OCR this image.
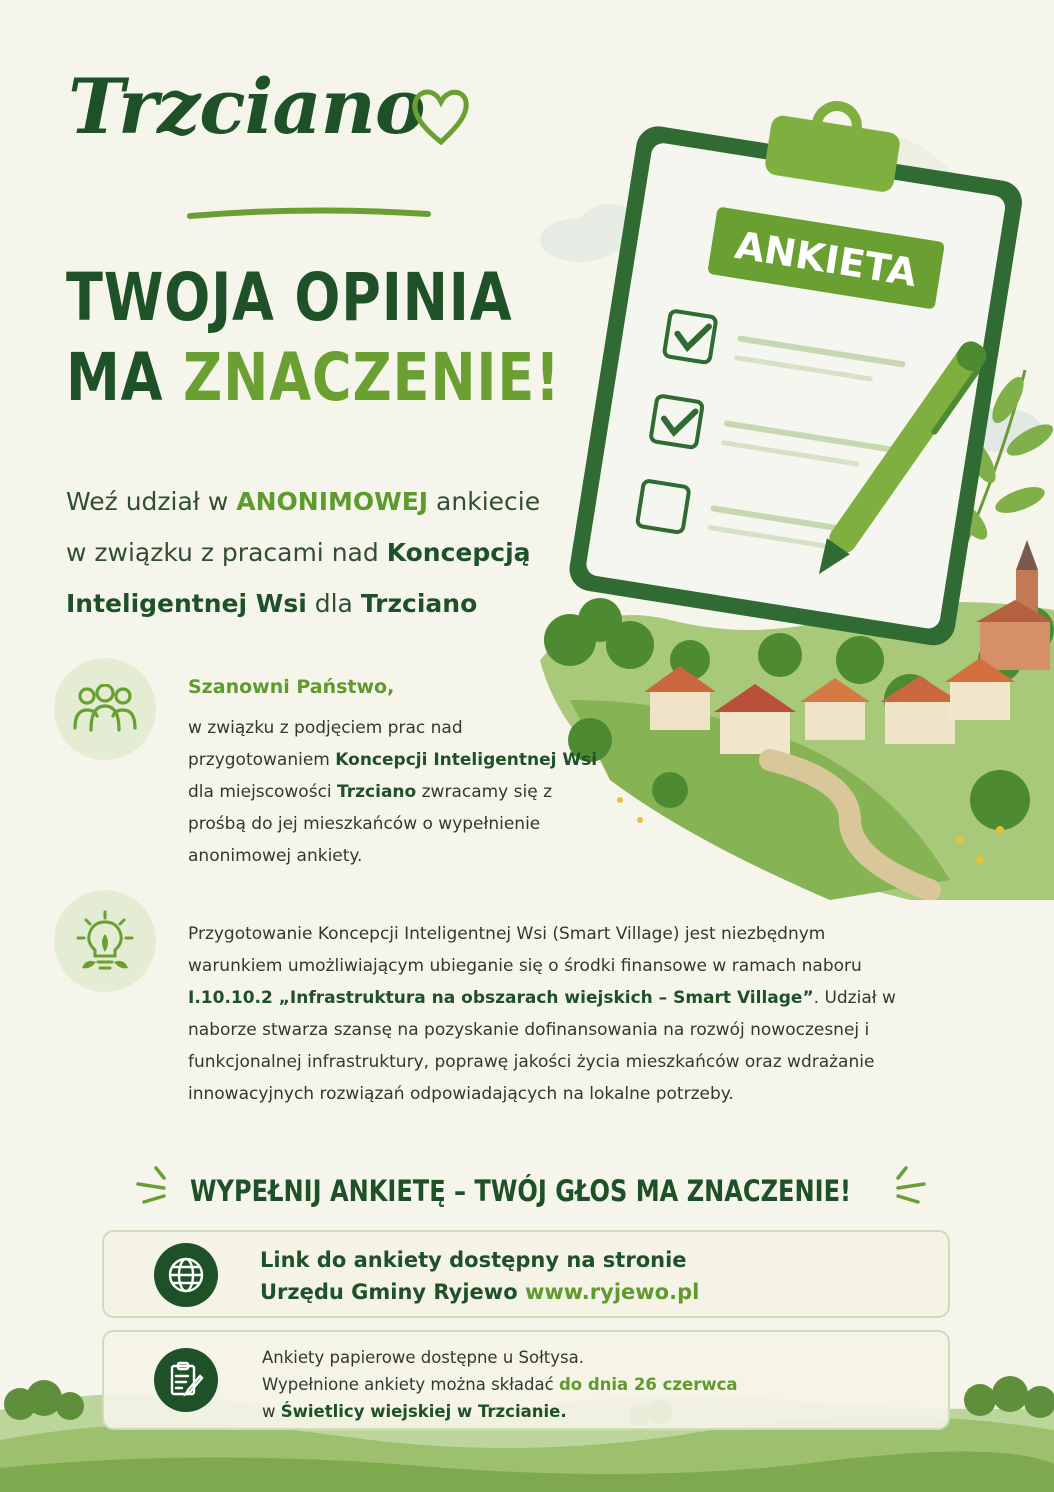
Trzciano
TWOJA OPINIA
MA ZNACZENIE!
Weź udział w ANONIMOWEJ ankiecie
w związku z pracami nad Koncepcją
Inteligentnej Wsi dla Trzciano
ANKIETA
Szanowni Państwo,
w związku z podjęciem prac nad przygotowaniem Koncepcji Inteligentnej Wsi dla miejscowości Trzciano zwracamy się z prośbą do jej mieszkańców o wypełnienie anonimowej ankiety.
Przygotowanie Koncepcji Inteligentnej Wsi (Smart Village) jest niezbędnym warunkiem umożliwiającym ubieganie się o środki finansowe w ramach naboru I.10.10.2 „Infrastruktura na obszarach wiejskich – Smart Village”. Udział w naborze stwarza szansę na pozyskanie dofinansowania na rozwój nowoczesnej i funkcjonalnej infrastruktury, poprawę jakości życia mieszkańców oraz wdrażanie innowacyjnych rozwiązań odpowiadających na lokalne potrzeby.
WYPEŁNIJ ANKIETĘ – TWÓJ GŁOS MA ZNACZENIE!
Link do ankiety dostępny na stronie
Urzędu Gminy Ryjewo www.ryjewo.pl
Ankiety papierowe dostępne u Sołtysa.
Wypełnione ankiety można składać do dnia 26 czerwca
w Świetlicy wiejskiej w Trzcianie.
